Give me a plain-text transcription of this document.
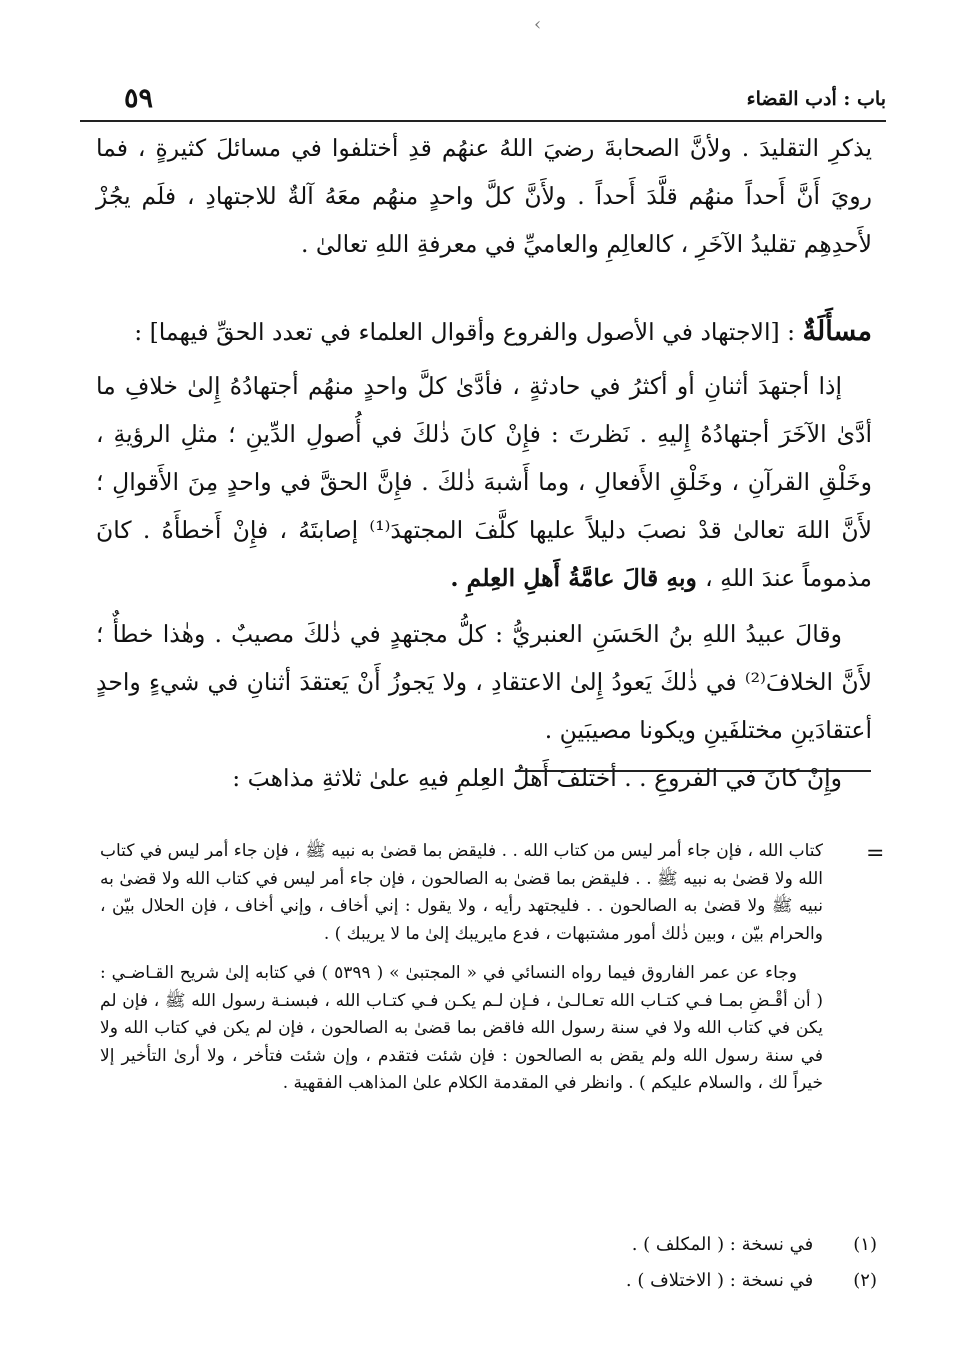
‹
٥٩	باب : أدب القضاء

يذكرِ التقليدَ . ولأنَّ الصحابةَ رضيَ اللهُ عنهُم قدِ أختلفوا في مسائلَ كثيرةٍ ، فما رويَ أَنَّ أَحداً منهُم قلَّدَ أَحداً . ولأَنَّ كلَّ واحدٍ منهُم معَهُ آلةٌ للاجتهادِ ، فلَم يجُزْ لأَحدِهِم تقليدُ الآخَرِ ، كالعالِمِ والعاميِّ في معرفةِ اللهِ تعالىٰ .

مسأَلَةٌ : [الاجتهاد في الأصول والفروع وأقوال العلماء في تعدد الحقِّ فيهما] :

إذا أجتهدَ أثنانِ أو أكثرُ في حادثةٍ ، فأدَّىٰ كلَّ واحدٍ منهُم أجتهادُهُ إِلىٰ خلافِ ما أدَّىٰ الآخَرَ أجتهادُهُ إِليهِ . نَظرتَ : فإِنْ كانَ ذٰلكَ في أُصولِ الدِّينِ ؛ مثلِ الرؤيةِ ، وخَلْقِ القرآنِ ، وخَلْقِ الأَفعالِ ، وما أَشبهَ ذٰلكَ . فإِنَّ الحقَّ في واحدٍ مِنَ الأَقوالِ ؛ لأَنَّ اللهَ تعالىٰ قدْ نصبَ دليلاً عليها كلَّفَ المجتهدَ⁽¹⁾ إصابتَهُ ، فإِنْ أَخطأَهُ . كانَ مذموماً عندَ اللهِ ، وبهِ قالَ عامَّةُ أَهلِ العِلمِ .

وقالَ عبيدُ اللهِ بنُ الحَسَنِ العنبريُّ : كلُّ مجتهدٍ في ذٰلكَ مصيبٌ . وهٰذا خطأٌ ؛ لأَنَّ الخلافَ⁽²⁾ في ذٰلكَ يَعودُ إِلىٰ الاعتقادِ ، ولا يَجوزُ أَنْ يَعتقدَ أثنانِ في شيءٍ واحدٍ أعتقادَينِ مختلفَينِ ويكونا مصيبَينِ .

وإِنْ كانَ في الفروعِ . . أختلفَ أَهلُ العِلمِ فيهِ علىٰ ثلاثةِ مذاهبَ :

=

كتاب الله ، فإن جاء أمر ليس من كتاب الله . . فليقض بما قضىٰ به نبيه ﷺ ، فإن جاء أمر ليس في كتاب الله ولا قضىٰ به نبيه ﷺ . . فليقض بما قضىٰ به الصالحون ، فإن جاء أمر ليس في كتاب الله ولا قضىٰ به نبيه ﷺ ولا قضىٰ به الصالحون . . فليجتهد رأيه ، ولا يقول : إني أخاف ، وإني أخاف ، فإن الحلال بيّن ، والحرام بيّن ، وبين ذٰلك أمور مشتبهات ، فدع مايريبك إلىٰ ما لا يريبك ) .

وجاء عن عمر الفاروق فيما رواه النسائي في « المجتبىٰ » ( ٥٣٩٩ ) في كتابه إلىٰ شريح القـاضـي : ( أن أقْـضِ بمـا فـي كتـاب الله تعـالـىٰ ، فـإن لـم يكـن فـي كتـاب الله ، فبسنـة رسول الله ﷺ ، فإن لم يكن في كتاب الله ولا في سنة رسول الله فاقض بما قضىٰ به الصالحون ، فإن لم يكن في كتاب الله ولا في سنة رسول الله ولم يقض به الصالحون : فإن شئت فتقدم ، وإن شئت فتأخر ، ولا أرىٰ التأخير إلا خيراً لك ، والسلام عليكم ) . وانظر في المقدمة الكلام علىٰ المذاهب الفقهية .

(١) في نسخة : ( المكلف ) .
(٢) في نسخة : ( الاختلاف ) .
